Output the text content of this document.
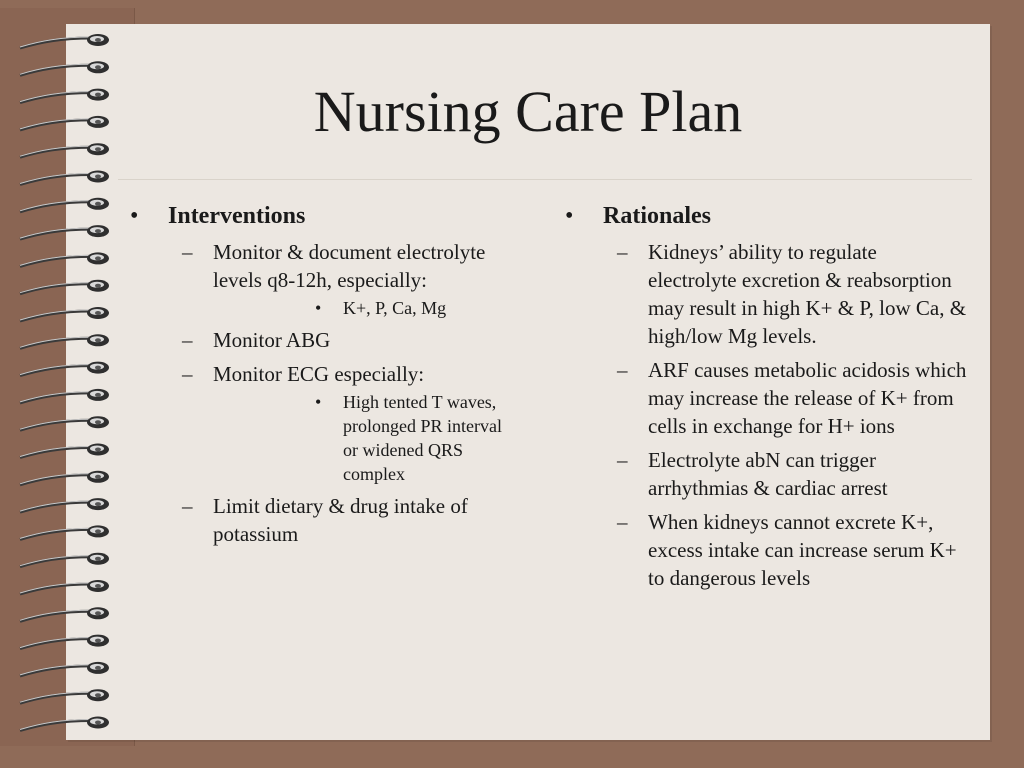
Nursing Care Plan
• Interventions
– Monitor & document electrolyte levels q8-12h, especially:
• K+, P, Ca, Mg
– Monitor ABG
– Monitor ECG especially:
• High tented T waves, prolonged PR interval or widened QRS complex
– Limit dietary & drug intake of potassium
• Rationales
– Kidneys’ ability to regulate electrolyte excretion & reabsorption may result in high K+ & P, low Ca, & high/low Mg levels.
– ARF causes metabolic acidosis which may increase the release of K+ from cells in exchange for H+ ions
– Electrolyte abN can trigger arrhythmias & cardiac arrest
– When kidneys cannot excrete K+, excess intake can increase serum K+ to dangerous levels
